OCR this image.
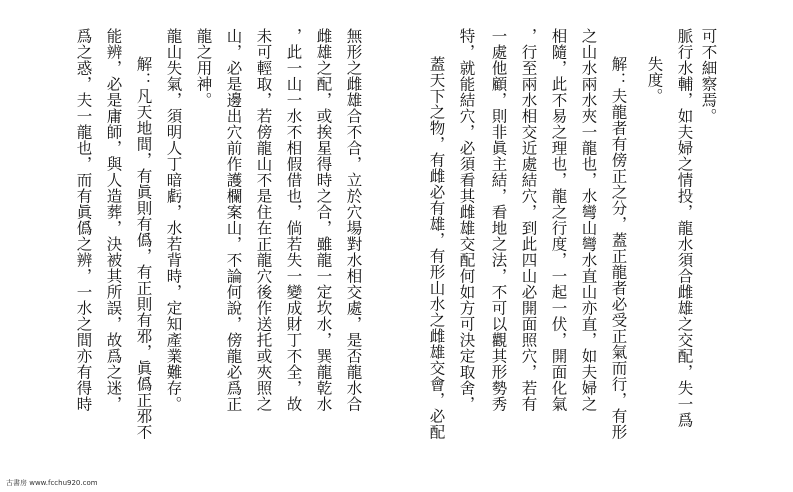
可不細察焉。
脈行水輔，如夫婦之情投，龍水須合雌雄之交配，失一爲
失度。
解：夫龍者有傍正之分，蓋正龍者必受正氣而行，有形
之山水兩水夾一龍也，水彎山彎水直山亦直，如夫婦之
相隨，此不易之理也，龍之行度，一起一伏，開面化氣
，行至兩水相交近處結穴，到此四山必開面照穴，若有
一處他顧，則非眞主結，看地之法，不可以觀其形勢秀
特，就能結穴，必須看其雌雄交配何如方可決定取舍，
蓋天下之物，有雌必有雄，有形山水之雌雄交會，必配
無形之雌雄合不合，立於穴場對水相交處，是否龍水合
雌雄之配，或挨星得時之合，雖龍一定坎水，巽龍乾水
，此一山一水不相假借也，倘若失一變成財丁不全，故
未可輕取，若傍龍山不是住在正龍穴後作送托或夾照之
山，必是邊出穴前作護欄案山，不論何說，傍龍必爲正
龍之用神。
龍山失氣，須明人丁暗虧，水若背時，定知產業難存。
解：凡天地間，有眞則有僞，有正則有邪，眞僞正邪不
能辨，必是庸師，與人造葬，決被其所誤，故爲之迷，
爲之惑，夫一龍也，而有眞僞之辨，一水之間亦有得時
古書房 www.fcchu920.com
